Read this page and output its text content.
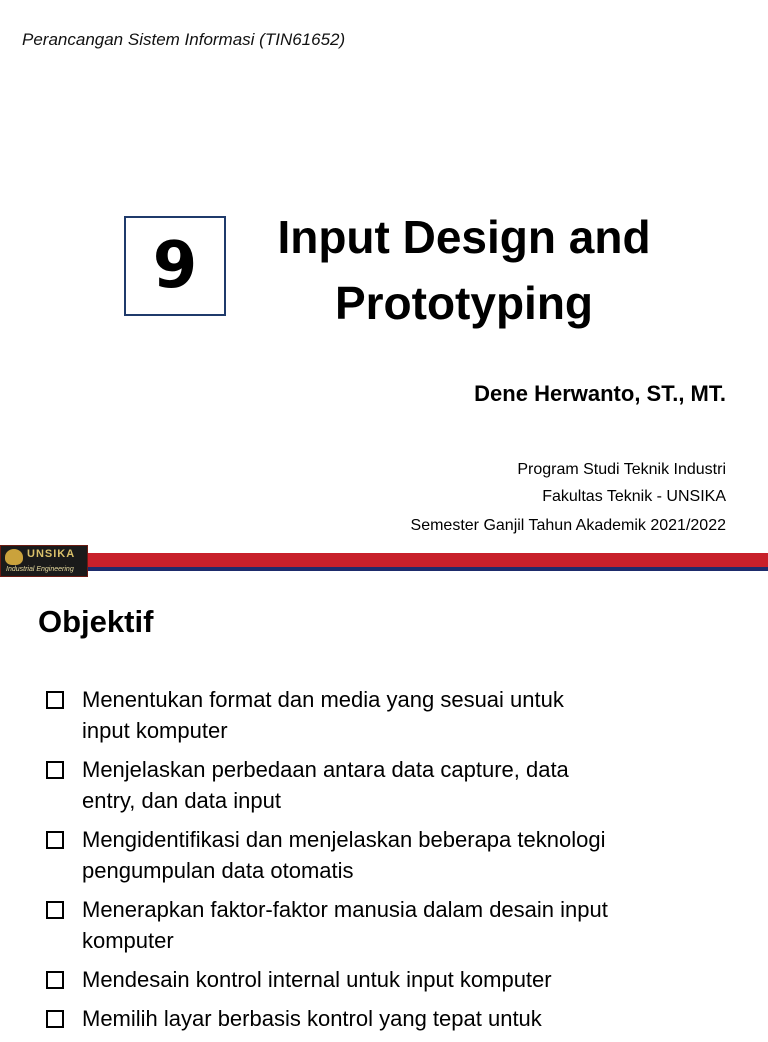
Perancangan Sistem Informasi (TIN61652)
9	Input Design and
Prototyping
Dene Herwanto, ST., MT.
Program Studi Teknik Industri
Fakultas Teknik - UNSIKA
Semester Ganjil Tahun Akademik 2021/2022
UNSIKA
Industrial Engineering
Objektif
Menentukan format dan media yang sesuai untuk
input komputer
Menjelaskan perbedaan antara data capture, data
entry, dan data input
Mengidentifikasi dan menjelaskan beberapa teknologi
pengumpulan data otomatis
Menerapkan faktor-faktor manusia dalam desain input
komputer
Mendesain kontrol internal untuk input komputer
Memilih layar berbasis kontrol yang tepat untuk
